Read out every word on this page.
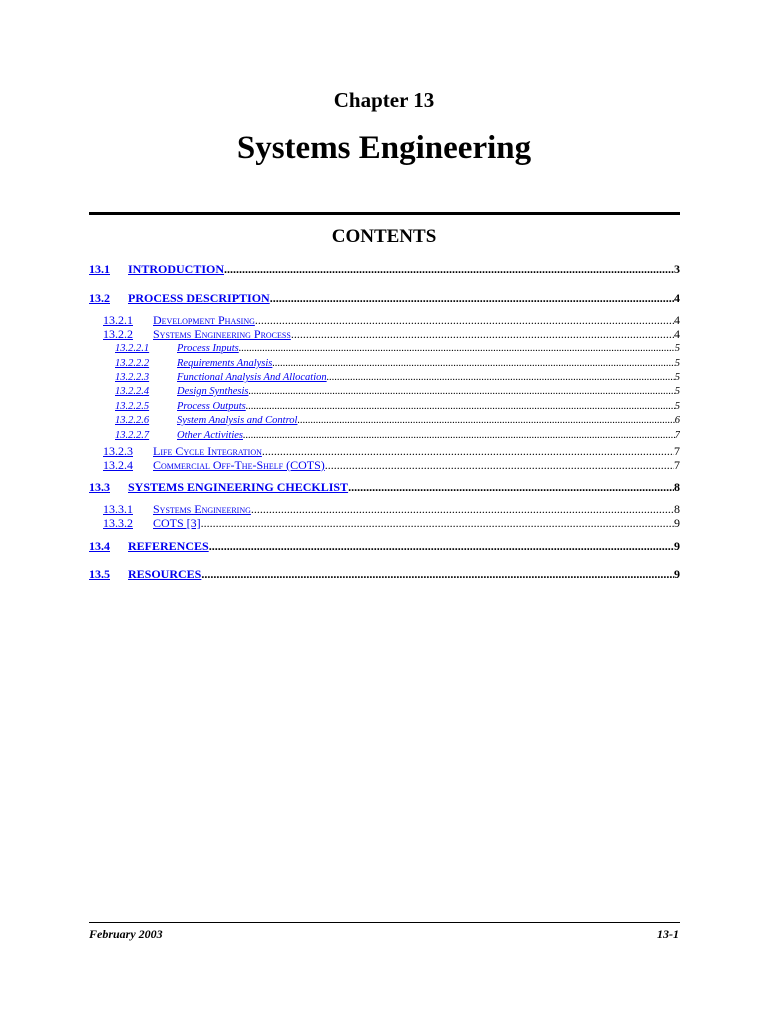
Chapter 13
Systems Engineering
CONTENTS
13.1	INTRODUCTION .....	3
13.2	PROCESS DESCRIPTION .....	4
13.2.1	Development Phasing .....	4
13.2.2	Systems Engineering Process .....	4
13.2.2.1	Process Inputs .....	5
13.2.2.2	Requirements Analysis .....	5
13.2.2.3	Functional Analysis And Allocation .....	5
13.2.2.4	Design Synthesis .....	5
13.2.2.5	Process Outputs .....	5
13.2.2.6	System Analysis and Control .....	6
13.2.2.7	Other Activities .....	7
13.2.3	Life Cycle Integration .....	7
13.2.4	Commercial Off-The-Shelf (COTS) .....	7
13.3	SYSTEMS ENGINEERING CHECKLIST .....	8
13.3.1	Systems Engineering .....	8
13.3.2	COTS [3] .....	9
13.4	REFERENCES .....	9
13.5	RESOURCES .....	9
February 2003	13-1
